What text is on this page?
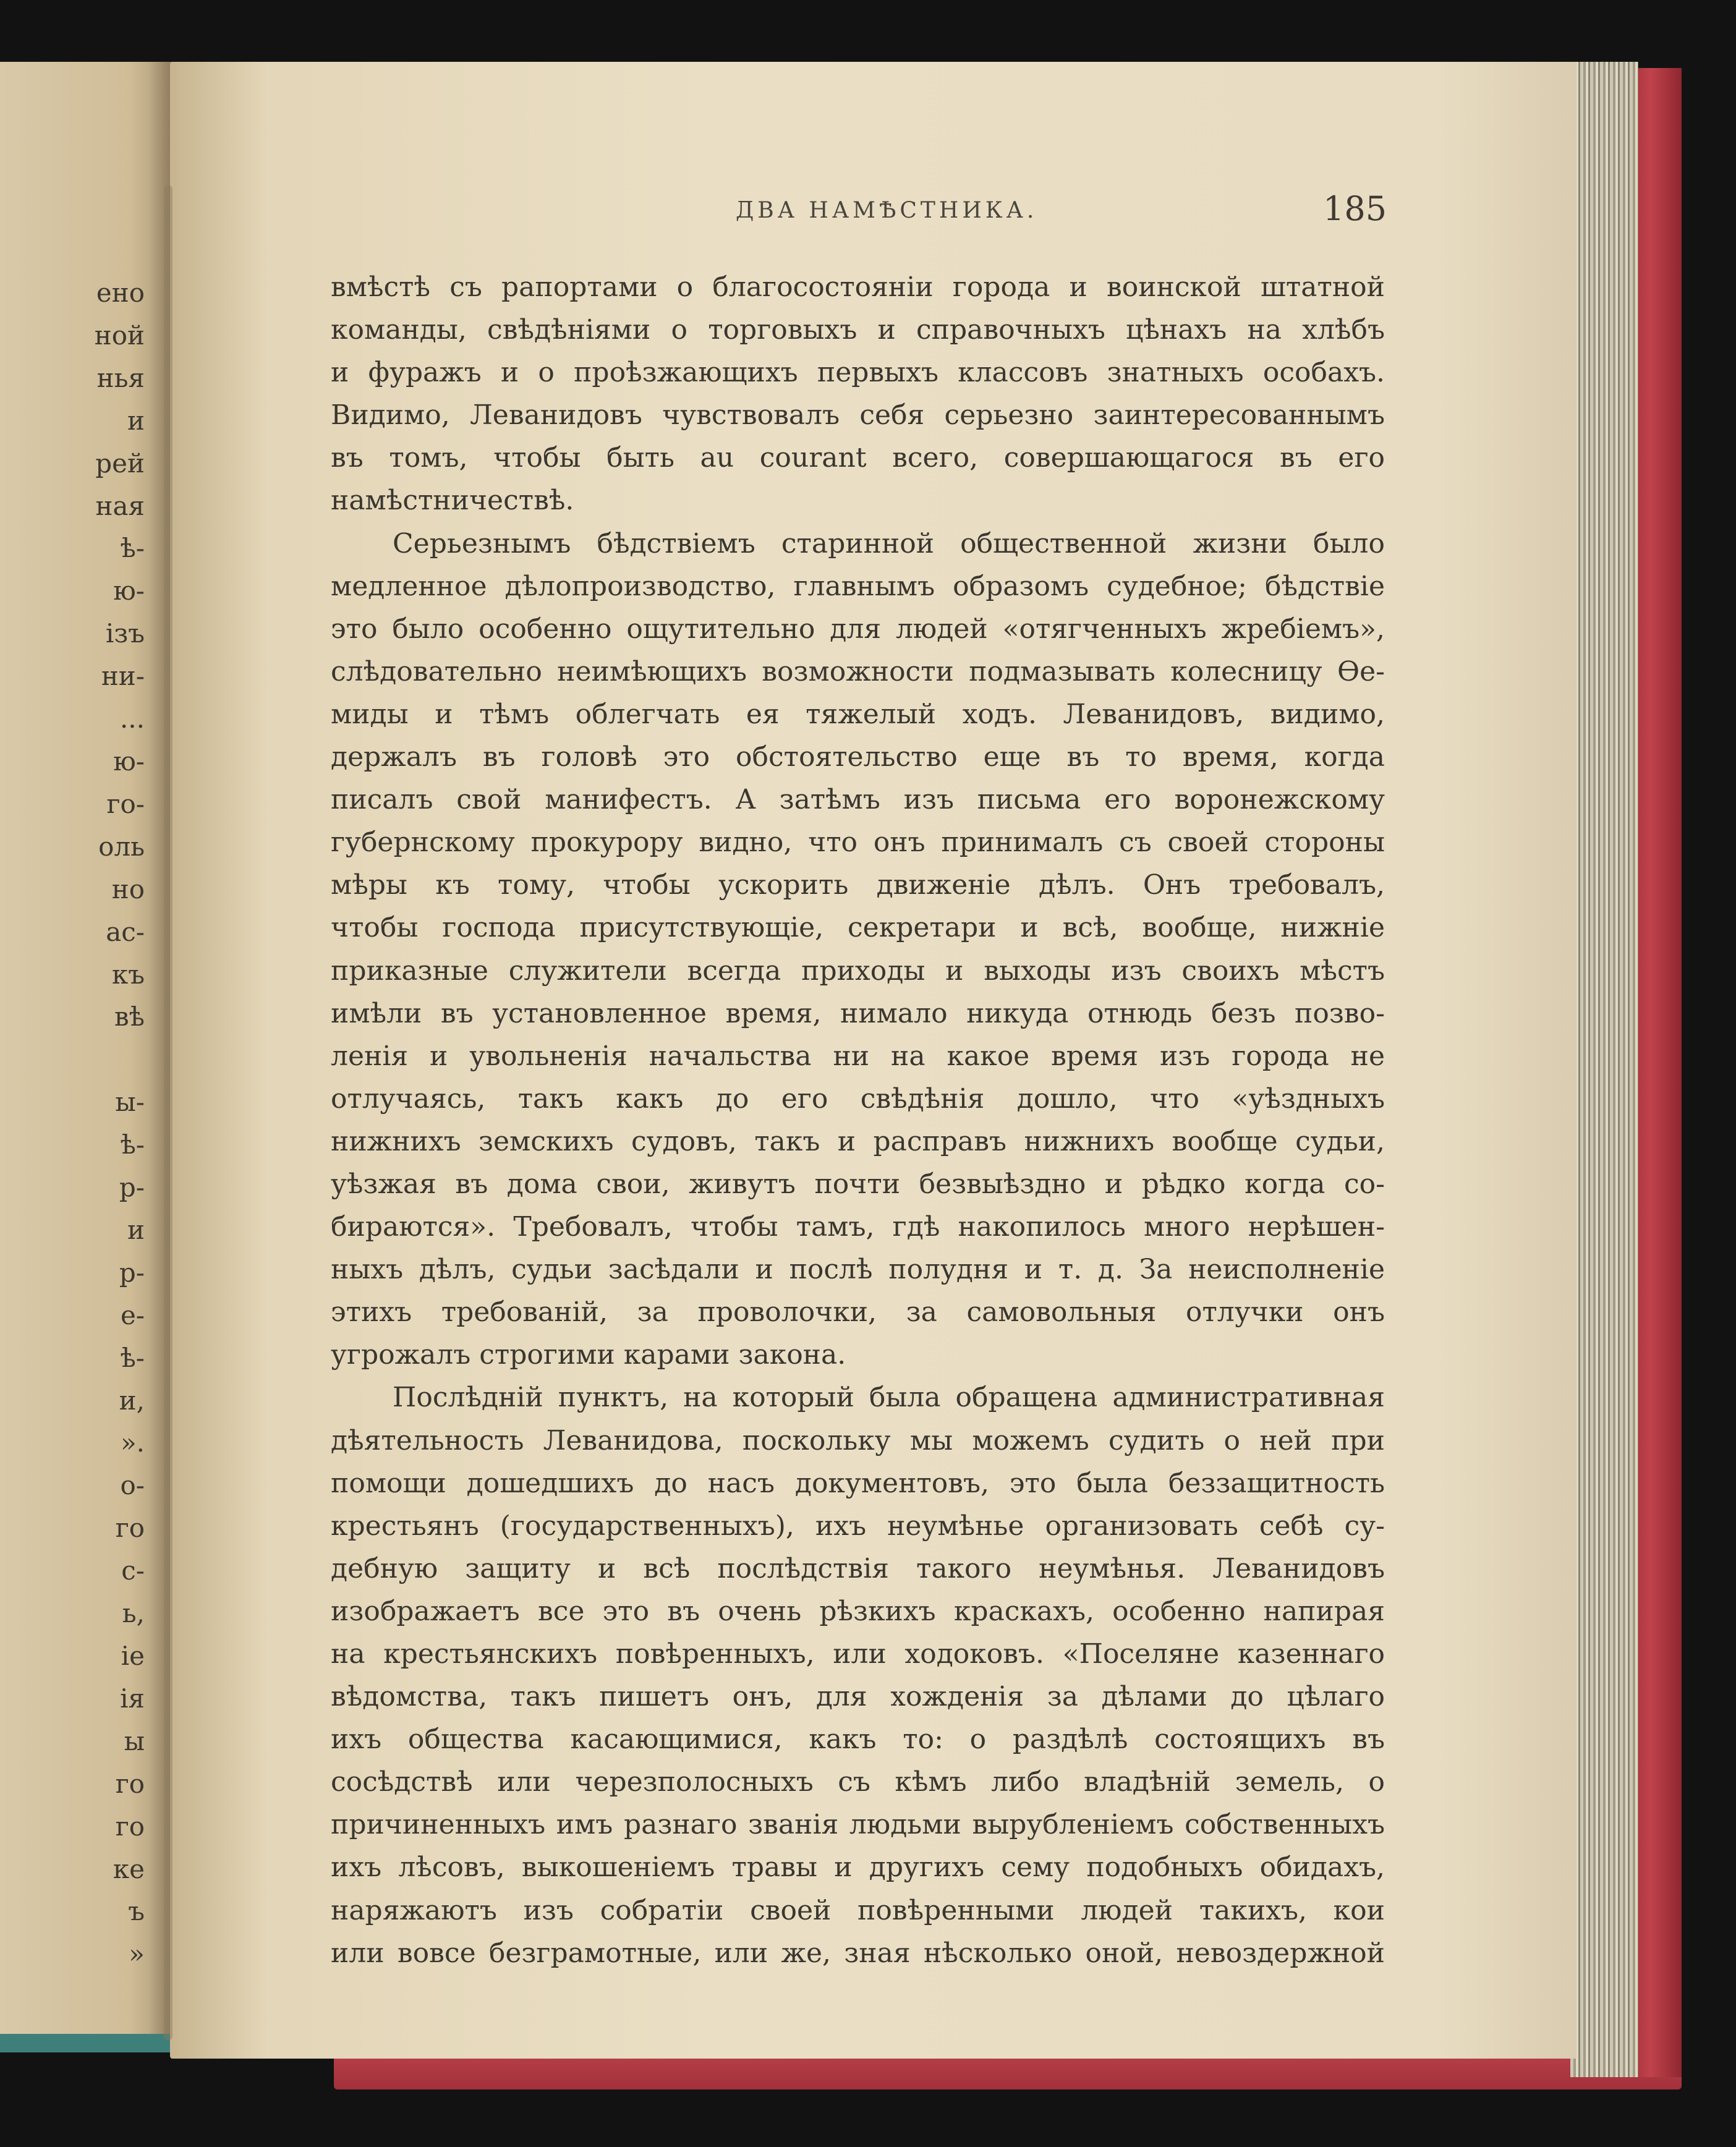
ено
ной
нья
и
рей
ная
ѣ-
ю-
ізъ
ни-
...
ю-
го-
оль
но
ас-
къ
вѣ

ы-
ѣ-
р-
и
р-
е-
ѣ-
и,
».
о-
го
с-
ь,
іе
ія
ы
го
го
ке
ъ
»
ДВА НАМѢСТНИКА.	185
вмѣстѣ съ рапортами о благосостояніи города и воинской штатной
команды, свѣдѣніями о торговыхъ и справочныхъ цѣнахъ на хлѣбъ
и фуражъ и о проѣзжающихъ первыхъ классовъ знатныхъ особахъ.
Видимо, Леванидовъ чувствовалъ себя серьезно заинтересованнымъ
въ томъ, чтобы быть au courant всего, совершающагося въ его
намѣстничествѣ.
Серьезнымъ бѣдствіемъ старинной общественной жизни было
медленное дѣлопроизводство, главнымъ образомъ судебное; бѣдствіе
это было особенно ощутительно для людей «отягченныхъ жребіемъ»,
слѣдовательно неимѣющихъ возможности подмазывать колесницу Ѳе-
миды и тѣмъ облегчать ея тяжелый ходъ. Леванидовъ, видимо,
держалъ въ головѣ это обстоятельство еще въ то время, когда
писалъ свой манифестъ. А затѣмъ изъ письма его воронежскому
губернскому прокурору видно, что онъ принималъ съ своей стороны
мѣры къ тому, чтобы ускорить движеніе дѣлъ. Онъ требовалъ,
чтобы господа присутствующіе, секретари и всѣ, вообще, нижніе
приказные служители всегда приходы и выходы изъ своихъ мѣстъ
имѣли въ установленное время, нимало никуда отнюдь безъ позво-
ленія и увольненія начальства ни на какое время изъ города не
отлучаясь, такъ какъ до его свѣдѣнія дошло, что «уѣздныхъ
нижнихъ земскихъ судовъ, такъ и расправъ нижнихъ вообще судьи,
уѣзжая въ дома свои, живутъ почти безвыѣздно и рѣдко когда со-
бираются». Требовалъ, чтобы тамъ, гдѣ накопилось много нерѣшен-
ныхъ дѣлъ, судьи засѣдали и послѣ полудня и т. д. За неисполненіе
этихъ требованій, за проволочки, за самовольныя отлучки онъ
угрожалъ строгими карами закона.
Послѣдній пунктъ, на который была обращена административная
дѣятельность Леванидова, поскольку мы можемъ судить о ней при
помощи дошедшихъ до насъ документовъ, это была беззащитность
крестьянъ (государственныхъ), ихъ неумѣнье организовать себѣ су-
дебную защиту и всѣ послѣдствія такого неумѣнья. Леванидовъ
изображаетъ все это въ очень рѣзкихъ краскахъ, особенно напирая
на крестьянскихъ повѣренныхъ, или ходоковъ. «Поселяне казеннаго
вѣдомства, такъ пишетъ онъ, для хожденія за дѣлами до цѣлаго
ихъ общества касающимися, какъ то: о раздѣлѣ состоящихъ въ
сосѣдствѣ или черезполосныхъ съ кѣмъ либо владѣній земель, о
причиненныхъ имъ разнаго званія людьми вырубленіемъ собственныхъ
ихъ лѣсовъ, выкошеніемъ травы и другихъ сему подобныхъ обидахъ,
наряжаютъ изъ собратіи своей повѣренными людей такихъ, кои
или вовсе безграмотные, или же, зная нѣсколько оной, невоздержной
